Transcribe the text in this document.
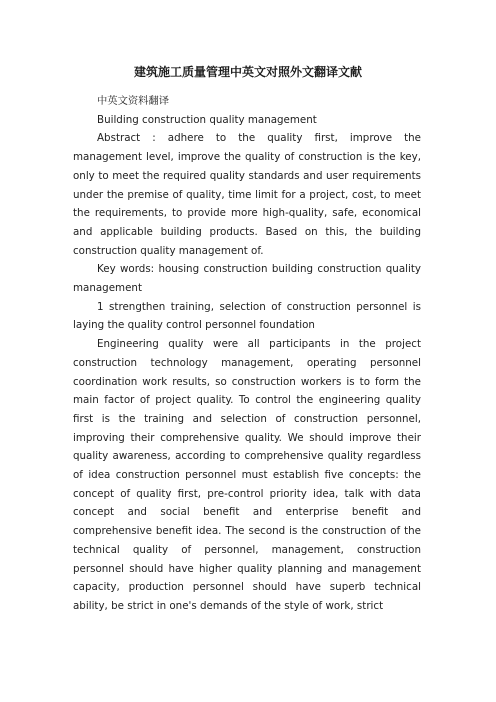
建筑施工质量管理中英文对照外文翻译文献

中英文资料翻译

Building construction quality management

Abstract : adhere to the quality first, improve the management level, improve the quality of construction is the key, only to meet the required quality standards and user requirements under the premise of quality, time limit for a project, cost, to meet the requirements, to provide more high-quality, safe, economical and applicable building products. Based on this, the building construction quality management of.

Key words: housing construction building construction quality management

1 strengthen training, selection of construction personnel is laying the quality control personnel foundation

Engineering quality were all participants in the project construction technology management, operating personnel coordination work results, so construction workers is to form the main factor of project quality. To control the engineering quality first is the training and selection of construction personnel, improving their comprehensive quality. We should improve their quality awareness, according to comprehensive quality regardless of idea construction personnel must establish five concepts: the concept of quality first, pre-control priority idea, talk with data concept and social benefit and enterprise benefit and comprehensive benefit idea. The second is the construction of the technical quality of personnel, management, construction personnel should have higher quality planning and management capacity, production personnel should have superb technical ability, be strict in one's demands of the style of work, strict
